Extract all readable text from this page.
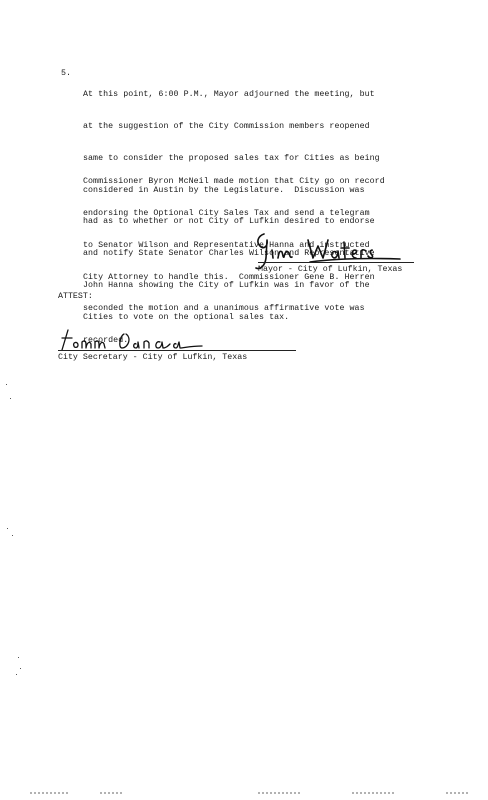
5.

At this point, 6:00 P.M., Mayor adjourned the meeting, but

at the suggestion of the City Commission members reopened

same to consider the proposed sales tax for Cities as being

considered in Austin by the Legislature.  Discussion was

had as to whether or not City of Lufkin desired to endorse

and notify State Senator Charles Wilson and Representative

John Hanna showing the City of Lufkin was in favor of the

Cities to vote on the optional sales tax.

Commissioner Byron McNeil made motion that City go on record

endorsing the Optional City Sales Tax and send a telegram

to Senator Wilson and Representative Hanna and instructed

City Attorney to handle this.  Commissioner Gene B. Herren

seconded the motion and a unanimous affirmative vote was

recorded.

Mayor - City of Lufkin, Texas
ATTEST:
City Secretary - City of Lufkin, Texas
